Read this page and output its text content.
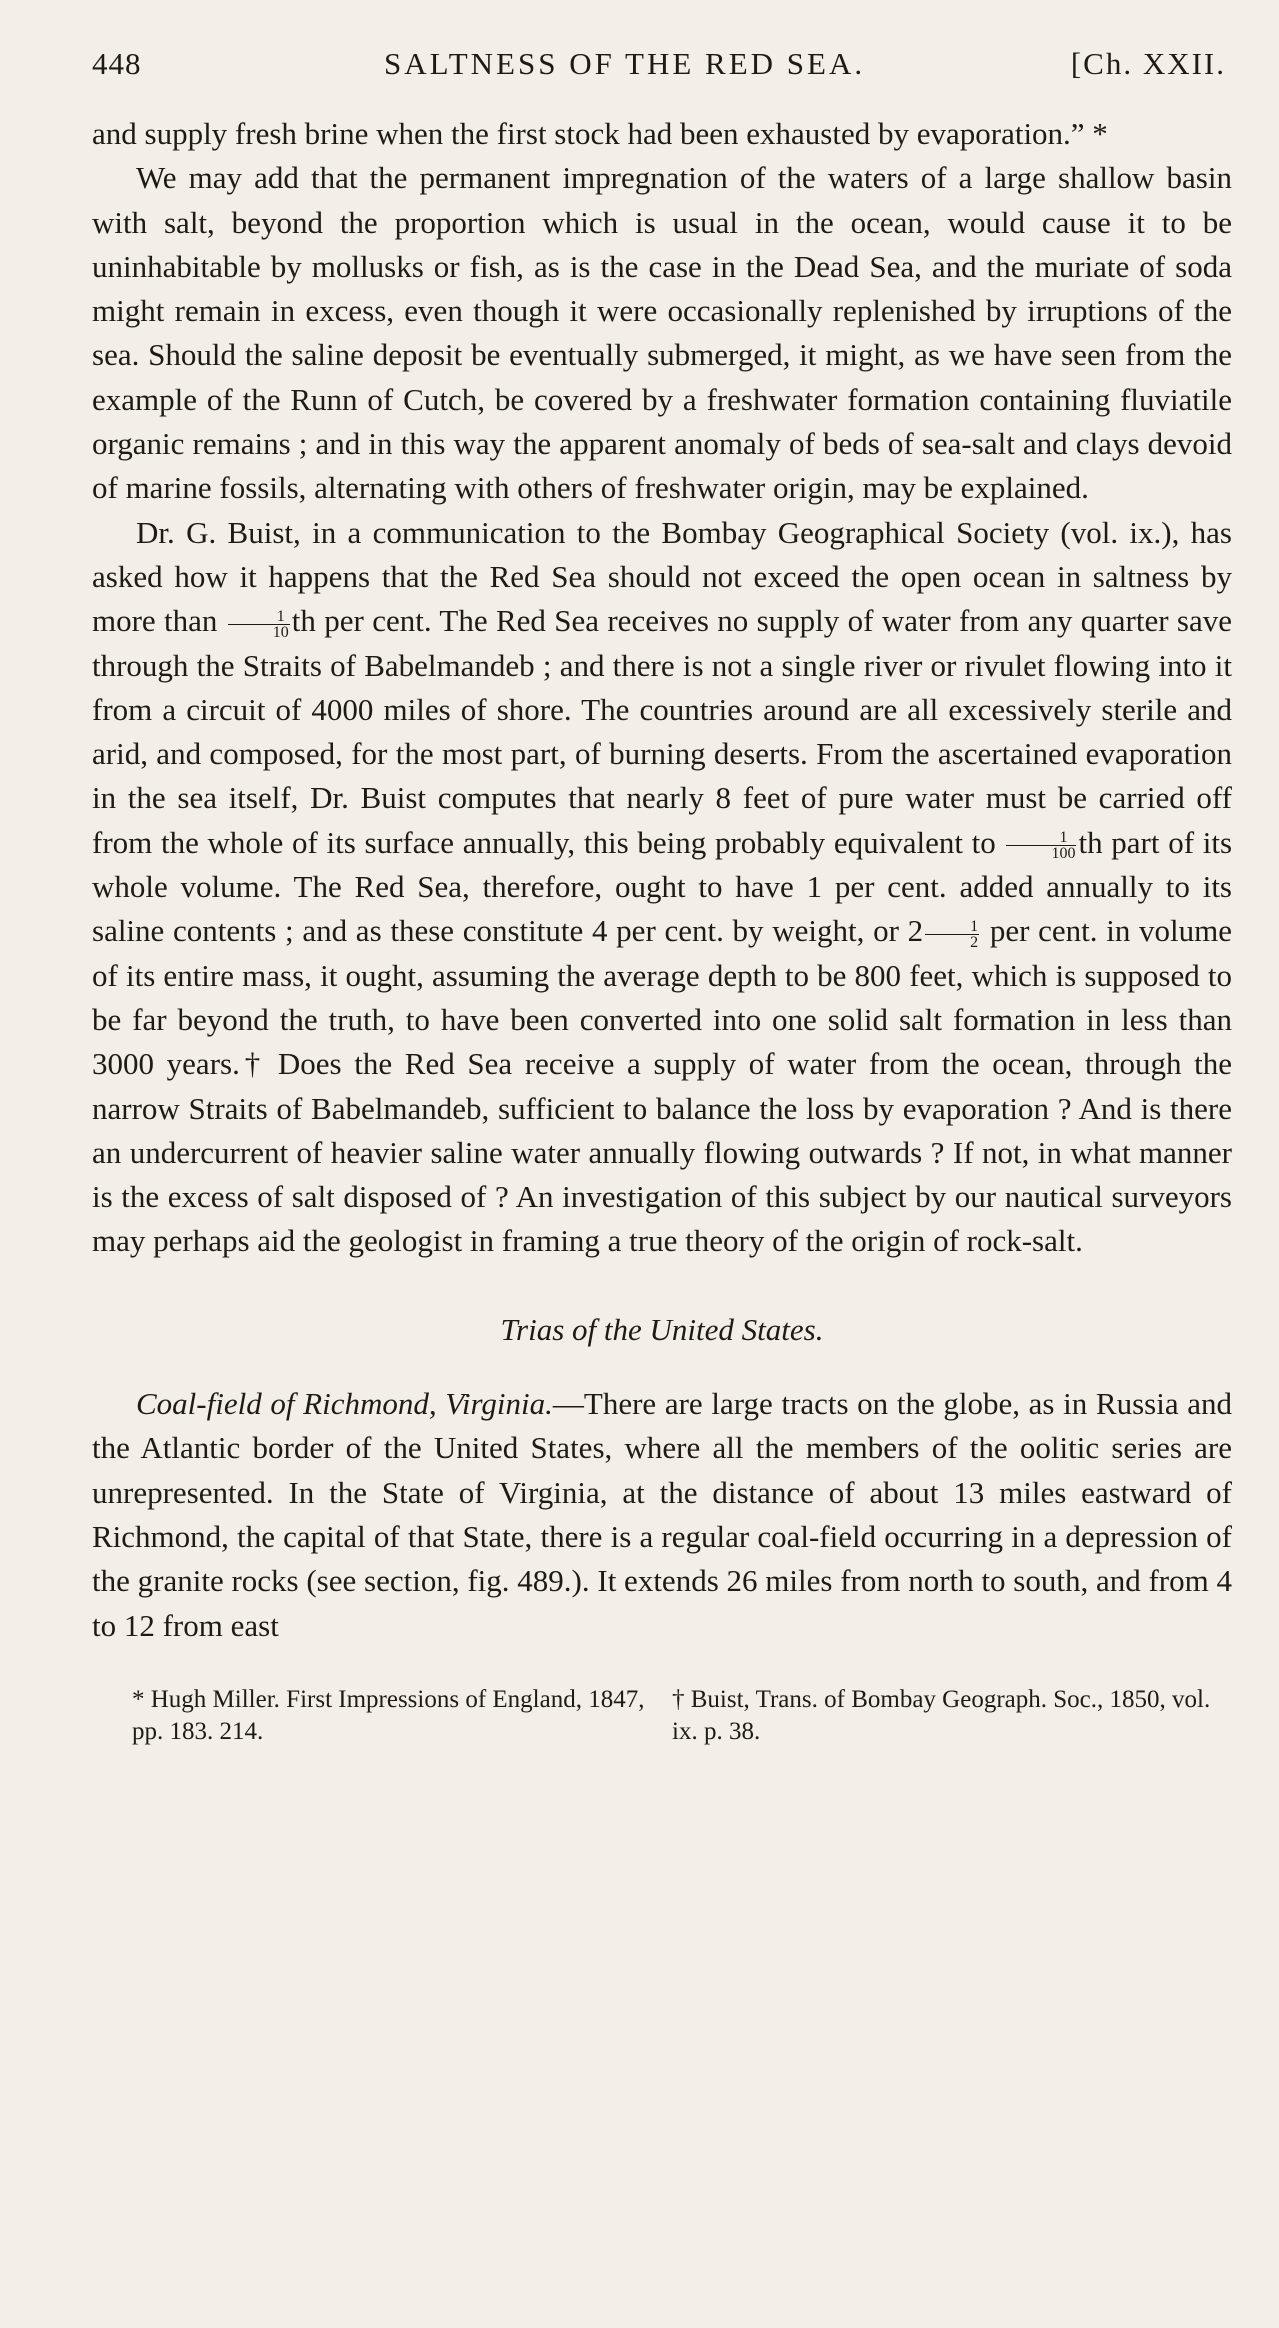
448	SALTNESS OF THE RED SEA.	[Ch. XXII.

and supply fresh brine when the first stock had been exhausted by evaporation.” *

We may add that the permanent impregnation of the waters of a large shallow basin with salt, beyond the proportion which is usual in the ocean, would cause it to be uninhabitable by mollusks or fish, as is the case in the Dead Sea, and the muriate of soda might remain in excess, even though it were occasionally replenished by irruptions of the sea. Should the saline deposit be eventually submerged, it might, as we have seen from the example of the Runn of Cutch, be covered by a freshwater formation containing fluviatile organic remains ; and in this way the apparent anomaly of beds of sea-salt and clays devoid of marine fossils, alternating with others of freshwater origin, may be explained.

Dr. G. Buist, in a communication to the Bombay Geographical Society (vol. ix.), has asked how it happens that the Red Sea should not exceed the open ocean in saltness by more than $\frac{1}{10}$ th per cent. The Red Sea receives no supply of water from any quarter save through the Straits of Babelmandeb ; and there is not a single river or rivulet flowing into it from a circuit of 4000 miles of shore. The countries around are all excessively sterile and arid, and composed, for the most part, of burning deserts. From the ascertained evaporation in the sea itself, Dr. Buist computes that nearly 8 feet of pure water must be carried off from the whole of its surface annually, this being probably equivalent to $\frac{1}{100}$ th part of its whole volume. The Red Sea, therefore, ought to have 1 per cent. added annually to its saline contents ; and as these constitute 4 per cent. by weight, or $2 \frac{1}{2}$ per cent. in volume of its entire mass, it ought, assuming the average depth to be 800 feet, which is supposed to be far beyond the truth, to have been converted into one solid salt formation in less than 3000 years.† Does the Red Sea receive a supply of water from the ocean, through the narrow Straits of Babelmandeb, sufficient to balance the loss by evaporation ? And is there an undercurrent of heavier saline water annually flowing outwards ? If not, in what manner is the excess of salt disposed of ? An investigation of this subject by our nautical surveyors may perhaps aid the geologist in framing a true theory of the origin of rock-salt.

Trias of the United States.

Coal-field of Richmond, Virginia.—There are large tracts on the globe, as in Russia and the Atlantic border of the United States, where all the members of the oolitic series are unrepresented. In the State of Virginia, at the distance of about 13 miles eastward of Richmond, the capital of that State, there is a regular coal-field occurring in a depression of the granite rocks (see section, fig. 489.). It extends 26 miles from north to south, and from 4 to 12 from east

* Hugh Miller. First Impressions of England, 1847, pp. 183. 214.
† Buist, Trans. of Bombay Geograph. Soc., 1850, vol. ix. p. 38.
